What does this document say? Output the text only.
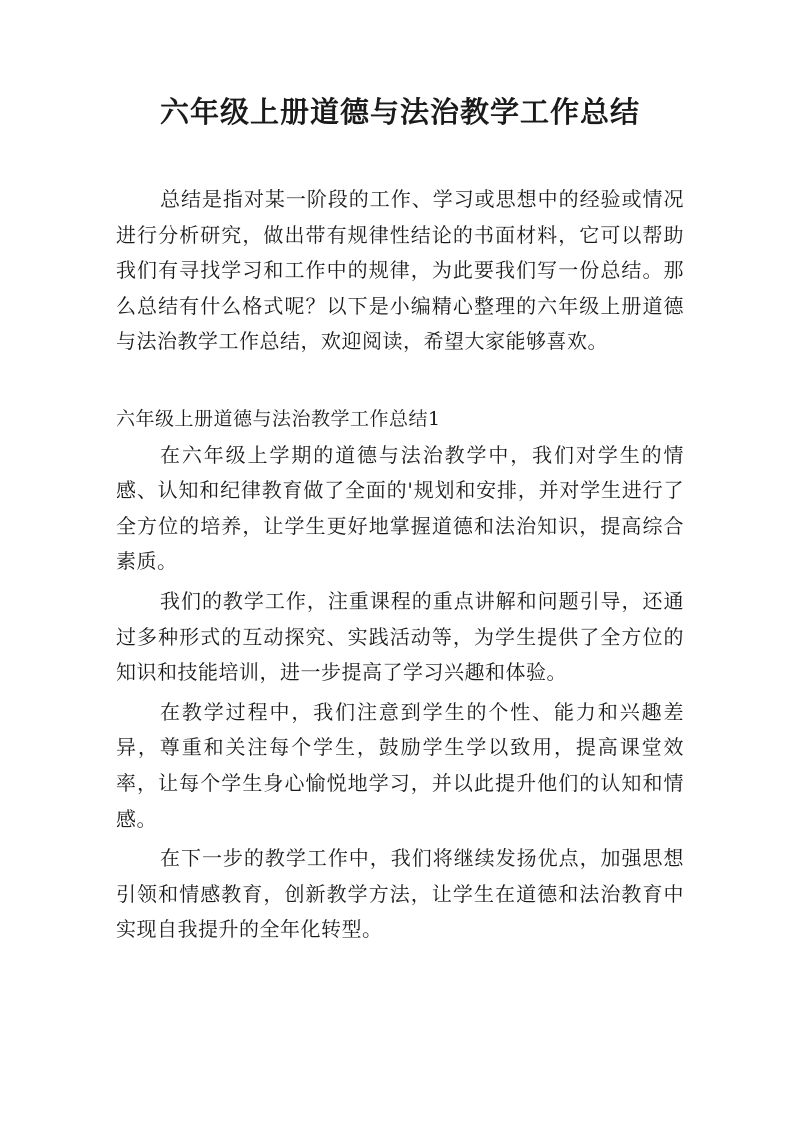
六年级上册道德与法治教学工作总结

总结是指对某一阶段的工作、学习或思想中的经验或情况进行分析研究，做出带有规律性结论的书面材料，它可以帮助我们有寻找学习和工作中的规律，为此要我们写一份总结。那么总结有什么格式呢？以下是小编精心整理的六年级上册道德与法治教学工作总结，欢迎阅读，希望大家能够喜欢。

六年级上册道德与法治教学工作总结1

在六年级上学期的道德与法治教学中，我们对学生的情感、认知和纪律教育做了全面的'规划和安排，并对学生进行了全方位的培养，让学生更好地掌握道德和法治知识，提高综合素质。

我们的教学工作，注重课程的重点讲解和问题引导，还通过多种形式的互动探究、实践活动等，为学生提供了全方位的知识和技能培训，进一步提高了学习兴趣和体验。

在教学过程中，我们注意到学生的个性、能力和兴趣差异，尊重和关注每个学生，鼓励学生学以致用，提高课堂效率，让每个学生身心愉悦地学习，并以此提升他们的认知和情感。

在下一步的教学工作中，我们将继续发扬优点，加强思想引领和情感教育，创新教学方法，让学生在道德和法治教育中实现自我提升的全年化转型。
